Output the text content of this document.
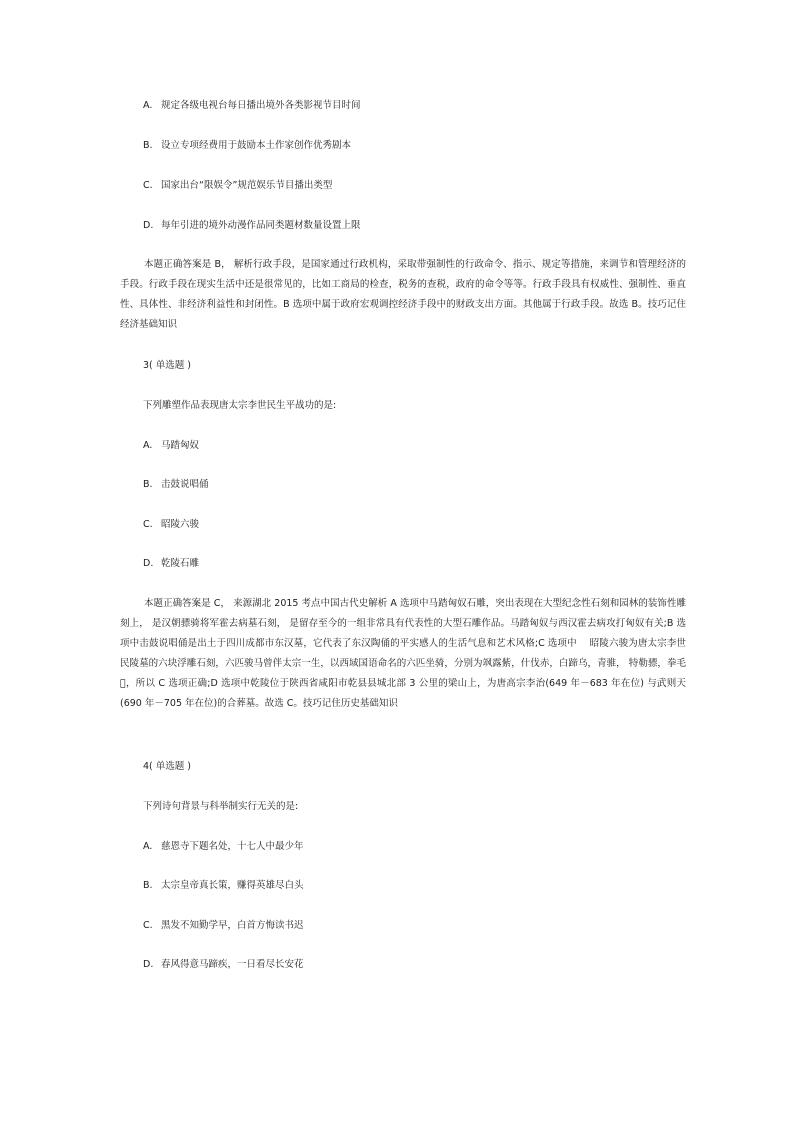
A. 规定各级电视台每日播出境外各类影视节目时间
B. 设立专项经费用于鼓励本土作家创作优秀剧本
C. 国家出台“限娱令”规范娱乐节目播出类型
D. 每年引进的境外动漫作品同类题材数量设置上限

本题正确答案是 B， 解析行政手段，是国家通过行政机构，采取带强制性的行政命令、指示、规定等措施，来调节和管理经济的手段。行政手段在现实生活中还是很常见的，比如工商局的检查，税务的查税，政府的命令等等。行政手段具有权威性、强制性、垂直性、具体性、非经济利益性和封闭性。B 选项中属于政府宏观调控经济手段中的财政支出方面。其他属于行政手段。故选 B。技巧记住经济基础知识

3( 单选题 )
下列雕塑作品表现唐太宗李世民生平战功的是:
A. 马踏匈奴
B. 击鼓说唱俑
C. 昭陵六骏
D. 乾陵石雕

本题正确答案是 C， 来源湖北 2015 考点中国古代史解析 A 选项中马踏匈奴石雕，突出表现在大型纪念性石刻和园林的装饰性雕刻上， 是汉朝骠骑将军霍去病墓石刻， 是留存至今的一组非常具有代表性的大型石雕作品。马踏匈奴与西汉霍去病攻打匈奴有关;B 选项中击鼓说唱俑是出土于四川成都市东汉墓，它代表了东汉陶俑的平实感人的生活气息和艺术风格;C 选项中　 昭陵六骏为唐太宗李世民陵墓的六块浮雕石刻，六匹骏马曾伴太宗一生，以西域国语命名的六匹坐骑，分别为飒露紫，什伐赤，白蹄乌，青骓， 特勒骠，拳毛𫘮，所以 C 选项正确;D 选项中乾陵位于陕西省咸阳市乾县县城北部 3 公里的梁山上，为唐高宗李治(649 年－683 年在位) 与武则天(690 年－705 年在位)的合葬墓。故选 C。技巧记住历史基础知识

4( 单选题 )
下列诗句背景与科举制实行无关的是:
A. 慈恩寺下题名处，十七人中最少年
B. 太宗皇帝真长策，赚得英雄尽白头
C. 黑发不知勤学早，白首方悔读书迟
D. 春风得意马蹄疾，一日看尽长安花
